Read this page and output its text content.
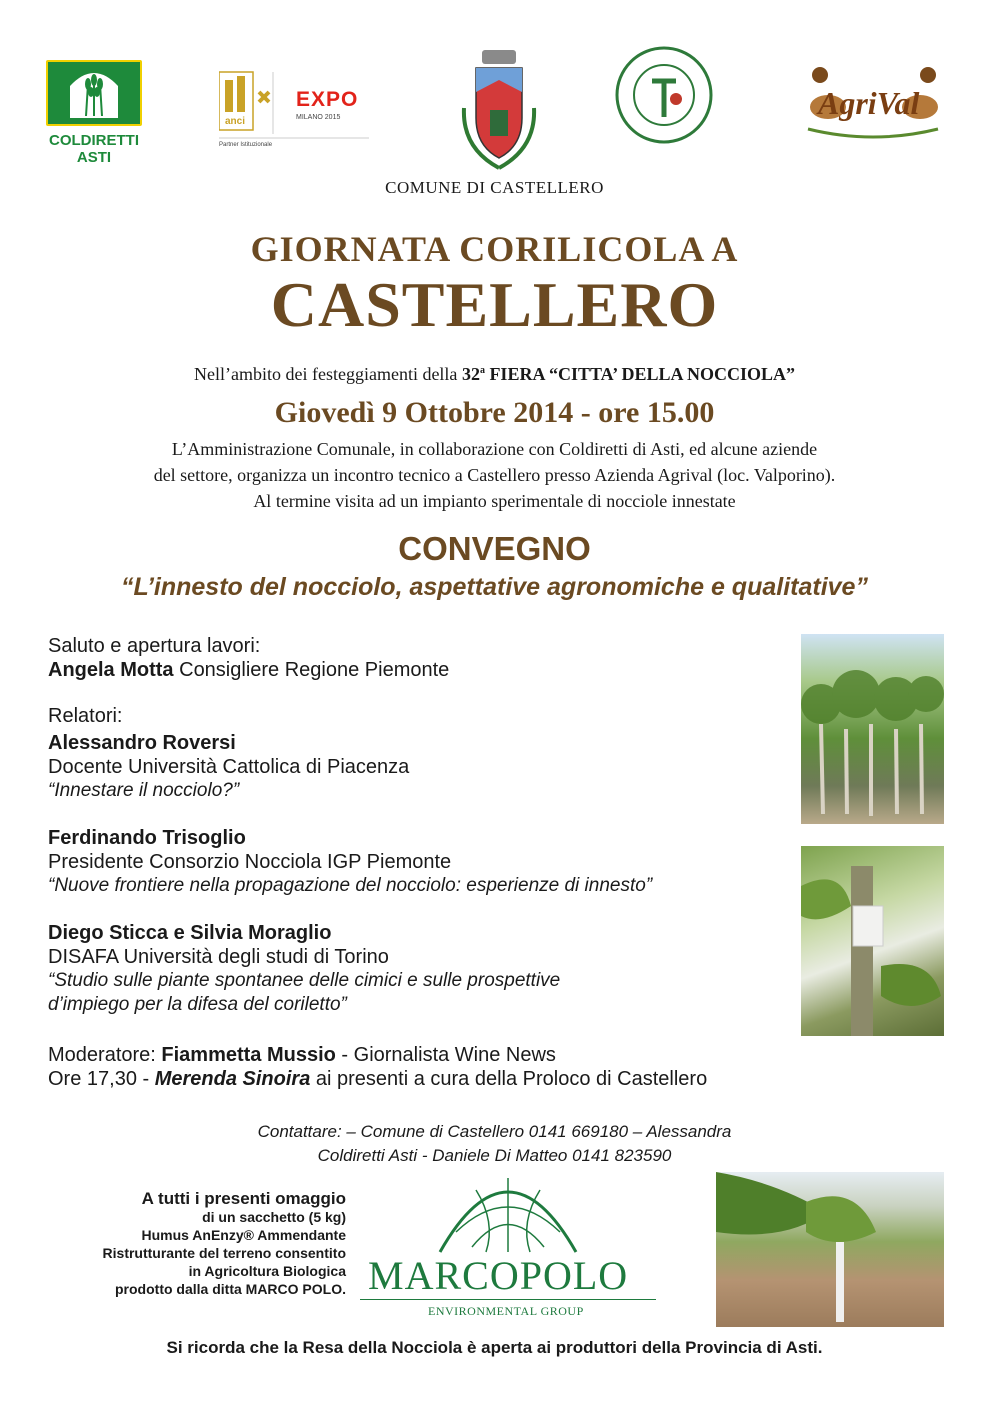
COLDIRETTI
ASTI
anci
EXPO
MILANO 2015
Partner Istituzionale
AgriVal
COMUNE DI CASTELLERO
GIORNATA CORILICOLA A
CASTELLERO
Nell’ambito dei festeggiamenti della 32$^a$ FIERA “CITTA’ DELLA NOCCIOLA”
Giovedì 9 Ottobre 2014 - ore 15.00
L’Amministrazione Comunale, in collaborazione con Coldiretti di Asti, ed alcune aziende
del settore, organizza un incontro tecnico a Castellero presso Azienda Agrival (loc. Valporino).
Al termine visita ad un impianto sperimentale di nocciole innestate
CONVEGNO
“L’innesto del nocciolo, aspettative agronomiche e qualitative”
Saluto e apertura lavori:
Angela Motta Consigliere Regione Piemonte
Relatori:
Alessandro Roversi
Docente Università Cattolica di Piacenza
“Innestare il nocciolo?”
Ferdinando Trisoglio
Presidente Consorzio Nocciola IGP Piemonte
“Nuove frontiere nella propagazione del nocciolo: esperienze di innesto”
Diego Sticca e Silvia Moraglio
DISAFA Università degli studi di Torino
“Studio sulle piante spontanee delle cimici e sulle prospettive
d’impiego per la difesa del coriletto”
Moderatore: Fiammetta Mussio - Giornalista Wine News
Ore 17,30 - Merenda Sinoira ai presenti a cura della Proloco di Castellero
Contattare: – Comune di Castellero 0141 669180 – Alessandra
Coldiretti Asti - Daniele Di Matteo 0141 823590
A tutti i presenti omaggio
di un sacchetto (5 kg)
Humus AnEnzy® Ammendante
Ristrutturante del terreno consentito
in Agricoltura Biologica
prodotto dalla ditta MARCO POLO. MARCOPOLO
ENVIRONMENTAL GROUP
Si ricorda che la Resa della Nocciola è aperta ai produttori della Provincia di Asti.
